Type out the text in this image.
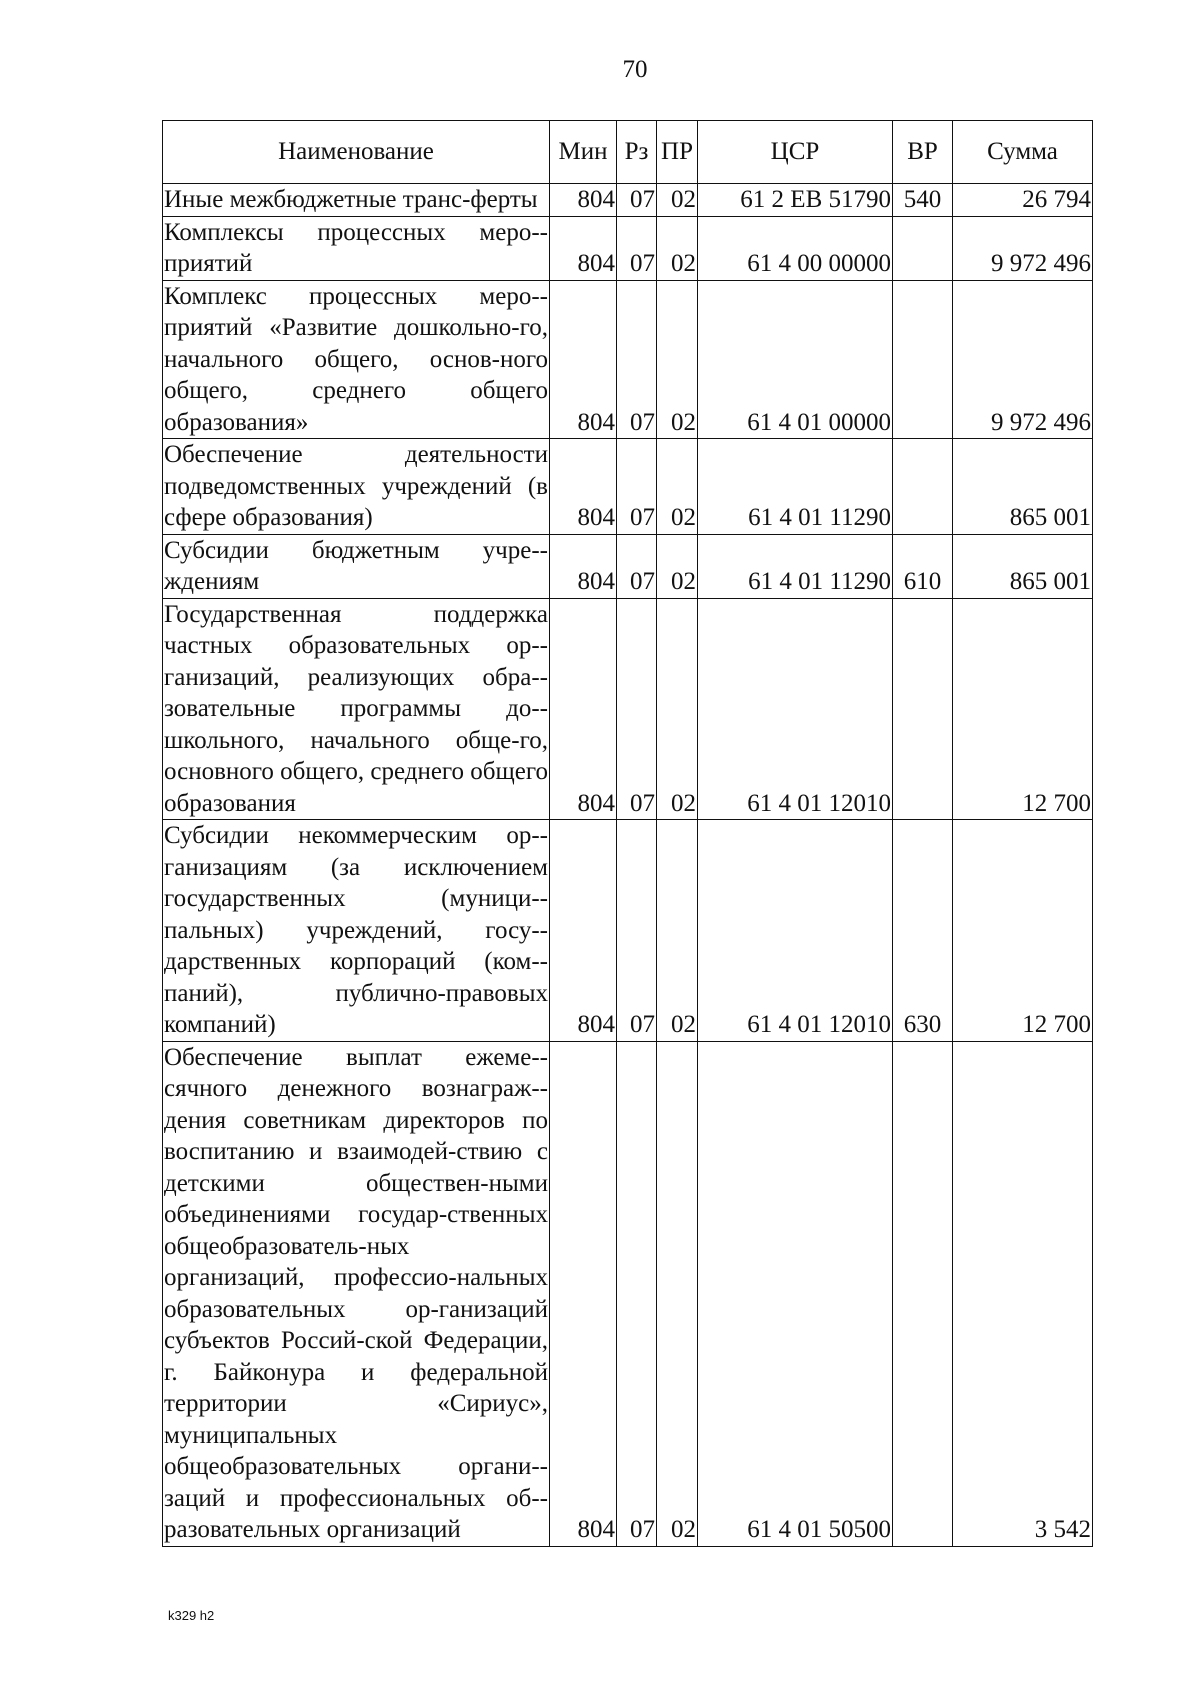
70
Наименование	Мин	Рз	ПР	ЦСР	ВР	Сумма
Иные межбюджетные транс-ферты	804	07	02	61 2 ЕВ 51790	540	26 794
Комплексы процессных меро-приятий	804	07	02	61 4 00 00000		9 972 496
Комплекс процессных меро-приятий «Развитие дошкольно-го, начального общего, основ-ного общего, среднего общего образования»	804	07	02	61 4 01 00000		9 972 496
Обеспечение деятельности подведомственных учреждений (в сфере образования)	804	07	02	61 4 01 11290		865 001
Субсидии бюджетным учре-ждениям	804	07	02	61 4 01 11290	610	865 001
Государственная поддержка частных образовательных ор-ганизаций, реализующих обра-зовательные программы до-школьного, начального обще-го, основного общего, среднего общего образования	804	07	02	61 4 01 12010		12 700
Субсидии некоммерческим ор-ганизациям (за исключением государственных (муници-пальных) учреждений, госу-дарственных корпораций (ком-паний), публично-правовых компаний)	804	07	02	61 4 01 12010	630	12 700
Обеспечение выплат ежеме-сячного денежного вознаграж-дения советникам директоров по воспитанию и взаимодей-ствию с детскими обществен-ными объединениями государ-ственных общеобразователь-ных организаций, профессио-нальных образовательных ор-ганизаций субъектов Россий-ской Федерации, г. Байконура и федеральной территории «Сириус», муниципальных общеобразовательных органи-заций и профессиональных об-разовательных организаций	804	07	02	61 4 01 50500		3 542
k329 h2
